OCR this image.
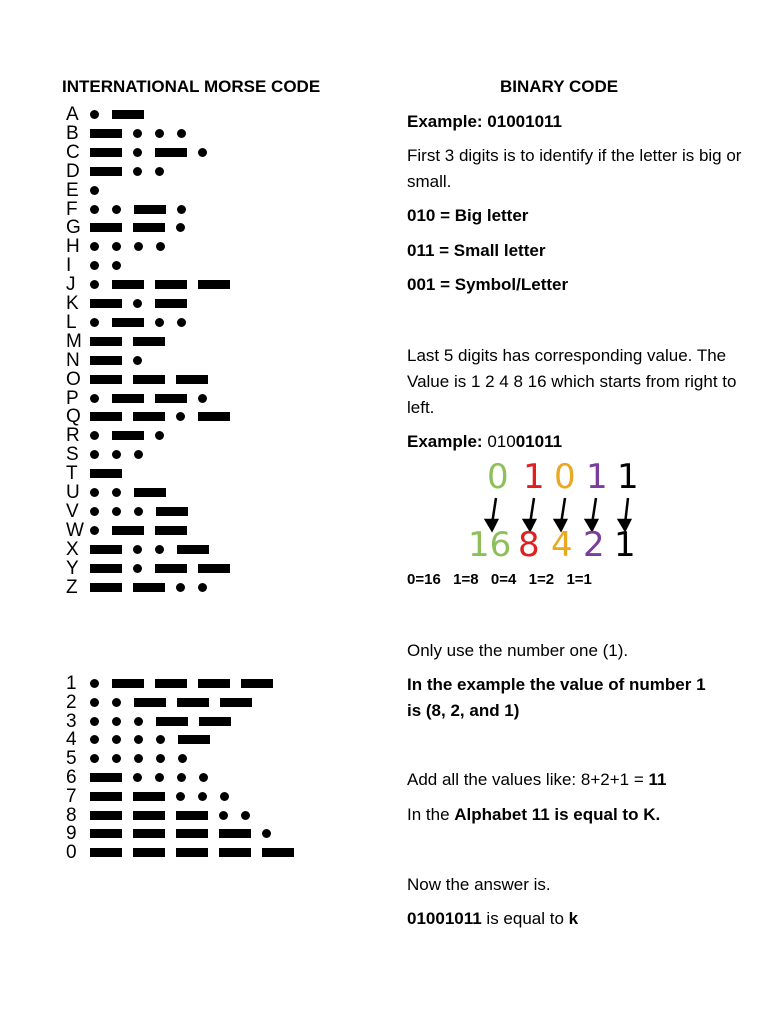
INTERNATIONAL MORSE CODE	BINARY CODE
A
B
C
D
E
F
G
H
I
J
K
L
M
N
O
P
Q
R
S
T
U
V
W
X
Y
Z
1
2
3
4
5
6
7
8
9
0
Example: 01001011
First 3 digits is to identify if the letter is big or small.
010 = Big letter
011 = Small letter
001 = Symbol/Letter
Last 5 digits has corresponding value. The Value is 1 2 4 8 16 which starts from right to left.
Example: 01001011
0 1 0 1 1
16 8 4 2 1
0=16  1=8  0=4  1=2  1=1
Only use the number one (1).
In the example the value of number 1 is (8, 2, and 1)
Add all the values like: 8+2+1 = 11
In the Alphabet 11 is equal to K.
Now the answer is.
01001011 is equal to k
